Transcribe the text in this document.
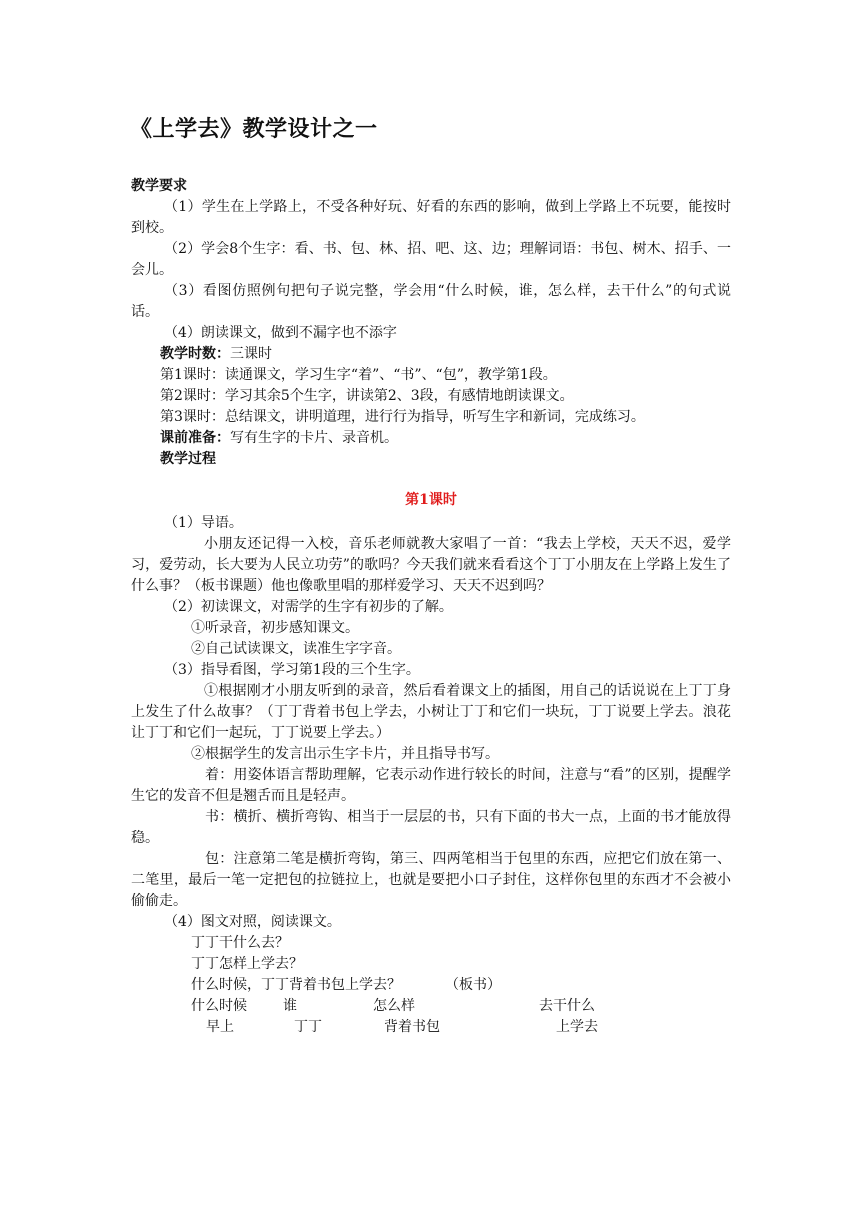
《上学去》教学设计之一

教学要求

（1）学生在上学路上，不受各种好玩、好看的东西的影响，做到上学路上不玩要，能按时到校。

（2）学会8个生字：看、书、包、林、招、吧、这、边；理解词语：书包、树木、招手、一会儿。

（3）看图仿照例句把句子说完整，学会用“什么时候，谁，怎么样，去干什么”的句式说话。

（4）朗读课文，做到不漏字也不添字

教学时数：三课时

第1课时：读通课文，学习生字“着”、“书”、“包”，教学第1段。

第2课时：学习其余5个生字，讲读第2、3段，有感情地朗读课文。

第3课时：总结课文，讲明道理，进行行为指导，听写生字和新词，完成练习。

课前准备：写有生字的卡片、录音机。

教学过程

第1课时

（1）导语。

小朋友还记得一入校，音乐老师就教大家唱了一首：“我去上学校，天天不迟，爱学习，爱劳动，长大要为人民立功劳”的歌吗？今天我们就来看看这个丁丁小朋友在上学路上发生了什么事？（板书课题）他也像歌里唱的那样爱学习、天天不迟到吗？

（2）初读课文，对需学的生字有初步的了解。

①听录音，初步感知课文。

②自己试读课文，读准生字字音。

（3）指导看图，学习第1段的三个生字。

①根据刚才小朋友听到的录音，然后看着课文上的插图，用自己的话说说在上丁丁身上发生了什么故事？（丁丁背着书包上学去，小树让丁丁和它们一块玩，丁丁说要上学去。浪花让丁丁和它们一起玩，丁丁说要上学去。）

②根据学生的发言出示生字卡片，并且指导书写。

着：用姿体语言帮助理解，它表示动作进行较长的时间，注意与“看”的区别，提醒学生它的发音不但是翘舌而且是轻声。

书：横折、横折弯钩、相当于一层层的书，只有下面的书大一点，上面的书才能放得稳。

包：注意第二笔是横折弯钩，第三、四两笔相当于包里的东西，应把它们放在第一、二笔里，最后一笔一定把包的拉链拉上，也就是要把小口子封住，这样你包里的东西才不会被小偷偷走。

（4）图文对照，阅读课文。

丁丁干什么去？

丁丁怎样上学去？

什么时候，丁丁背着书包上学去？	（板书）

什么时候	谁	怎么样	去干什么
早上	丁丁	背着书包	上学去
